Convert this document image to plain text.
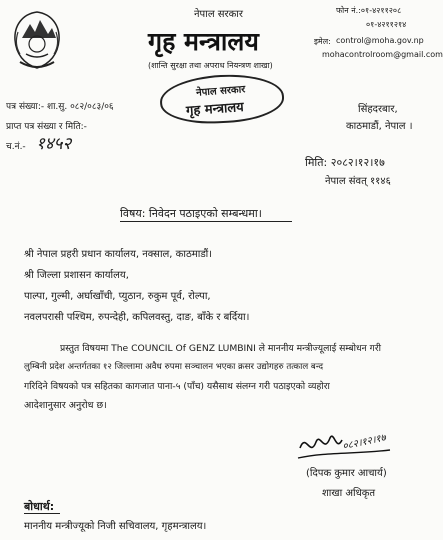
नेपाल सरकार
गृह मन्त्रालय
(शान्ति सुरक्षा तथा अपराध नियन्त्रण शाखा)
फोन नं.:०१-४२११२०८
०१-४२११२१४
इमेल: control@moha.gov.np
mohacontrolroom@gmail.com
नेपाल सरकार
गृह मन्त्रालय
पत्र संख्या:- शा.सु. ०८२/०८३/०६
प्राप्त पत्र संख्या र मिति:-
च.नं.- १४५२
सिंहदरबार,
काठमाडौं, नेपाल ।
मिति: २०८२।१२।१७
नेपाल संवत् ११४६
विषय: निवेदन पठाइएको सम्बन्धमा।
श्री नेपाल प्रहरी प्रधान कार्यालय, नक्साल, काठमाडौं।
श्री जिल्ला प्रशासन कार्यालय,
पाल्पा, गुल्मी, अर्घाखाँची, प्युठान, रुकुम पूर्व, रोल्पा,
नवलपरासी पश्चिम, रुपन्देही, कपिलवस्तु, दाङ, बाँके र बर्दिया।
प्रस्तुत विषयमा The COUNCIL Of GENZ LUMBINI ले माननीय मन्त्रीज्यूलाई सम्बोधन गरी
लुम्बिनी प्रदेश अन्तर्गतका १२ जिल्लामा अवैध रुपमा सञ्चालन भएका क्रसर उद्योगहरु तत्काल बन्द
गरिदिने विषयको पत्र सहितका कागजात पाना-५ (पाँच) यसैसाथ संलग्न गरी पठाइएको व्यहोरा
आदेशानुसार अनुरोध छ।
०८२।१२।१७
(दिपक कुमार आचार्य)
शाखा अधिकृत
बोधार्थ:
माननीय मन्त्रीज्यूको निजी सचिवालय, गृहमन्त्रालय।
